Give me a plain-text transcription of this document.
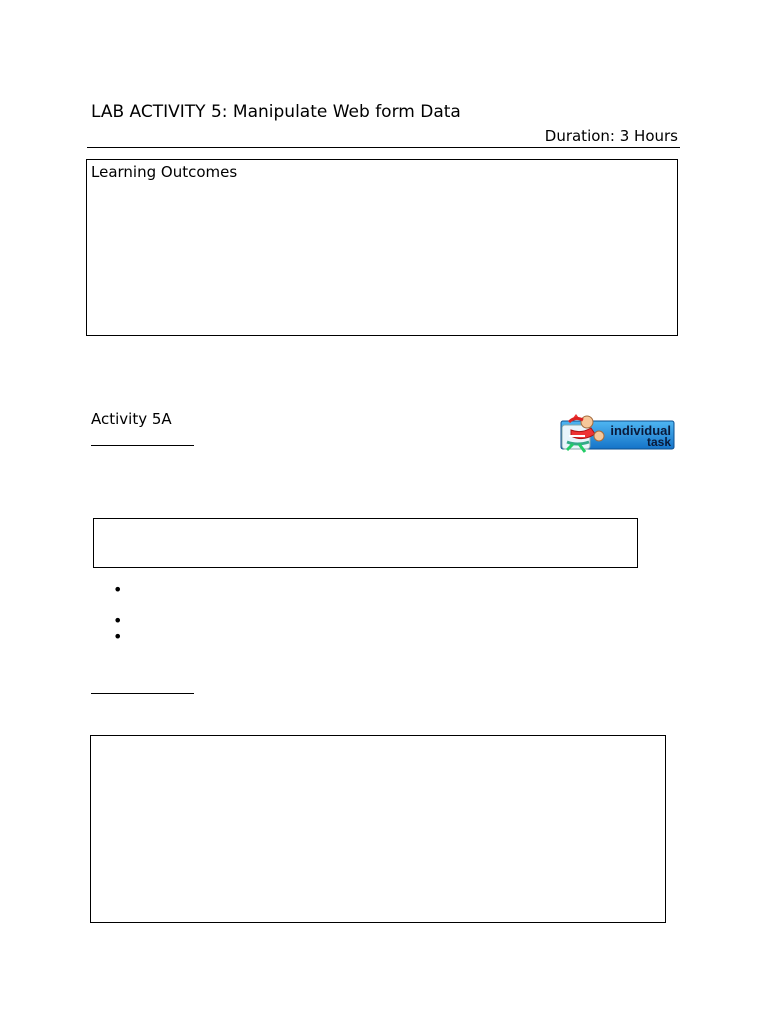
LAB ACTIVITY 5: Manipulate Web form Data
Duration: 3 Hours
Learning Outcomes
Activity 5A
individual
task
•
•
•
